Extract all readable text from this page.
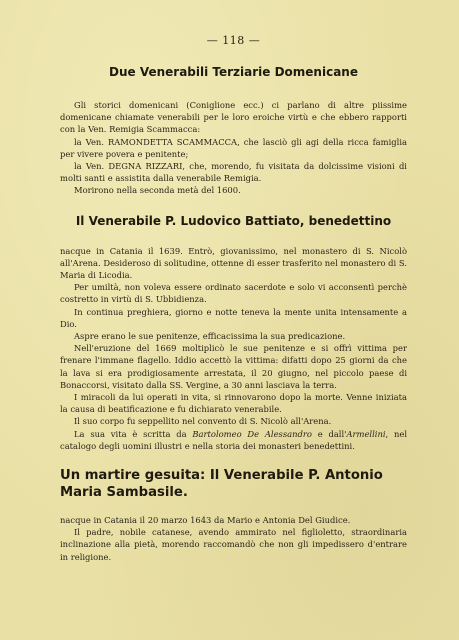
— 118 —
Due Venerabili Terziarie Domenicane

Gli storici domenicani (Coniglione ecc.) ci parlano di altre piissime domenicane chiamate venerabili per le loro eroiche virtù e che ebbero rapporti con la Ven. Remigia Scammacca:

la Ven. RAMONDETTA SCAMMACCA, che lasciò gli agi della ricca famiglia per vivere povera e penitente;

la Ven. DEGNA RIZZARI, che, morendo, fu visitata da dolcissime visioni di molti santi e assistita dalla venerabile Remigia.

Morirono nella seconda metà del 1600.

Il Venerabile P. Ludovico Battiato, benedettino

nacque in Catania il 1639. Entrò, giovanissimo, nel monastero di S. Nicolò all'Arena. Desideroso di solitudine, ottenne di esser trasferito nel monastero di S. Maria di Licodia.

Per umiltà, non voleva essere ordinato sacerdote e solo vi acconsentì perchè costretto in virtù di S. Ubbidienza.

In continua preghiera, giorno e notte teneva la mente unita intensamente a Dio.

Aspre erano le sue penitenze, efficacissima la sua predicazione.

Nell'eruzione del 1669 moltiplicò le sue penitenze e si offrì vittima per frenare l'immane flagello. Iddio accettò la vittima: difatti dopo 25 giorni da che la lava si era prodigiosamente arrestata, il 20 giugno, nel piccolo paese di Bonaccorsi, visitato dalla SS. Vergine, a 30 anni lasciava la terra.

I miracoli da lui operati in vita, si rinnovarono dopo la morte. Venne iniziata la causa di beatificazione e fu dichiarato venerabile.

Il suo corpo fu seppellito nel convento di S. Nicolò all'Arena.

La sua vita è scritta da Bartolomeo De Alessandro e dall'Armellini, nel catalogo degli uomini illustri e nella storia dei monasteri benedettini.

Un martire gesuita: Il Venerabile P. Antonio Maria Sambasile.

nacque in Catania il 20 marzo 1643 da Mario e Antonia Del Giudice.

Il padre, nobile catanese, avendo ammirato nel figlioletto, straordinaria inclinazione alla pietà, morendo raccomandò che non gli impedissero d'entrare in religione.
